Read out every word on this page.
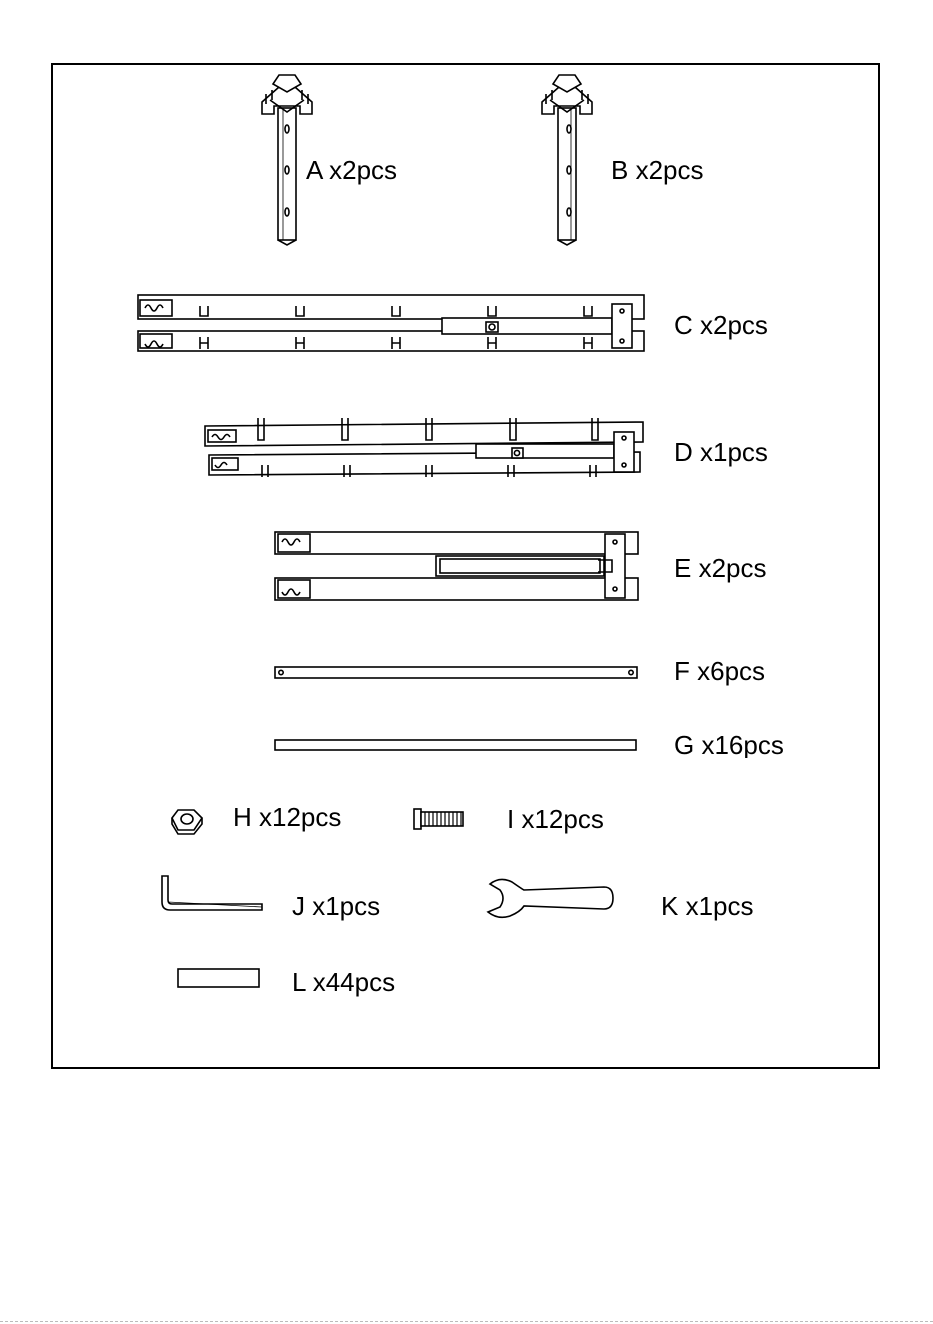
A x2pcs	B x2pcs
C x2pcs
D x1pcs
E x2pcs
F x6pcs
G x16pcs
H x12pcs	I x12pcs
J x1pcs	K x1pcs
L x44pcs
